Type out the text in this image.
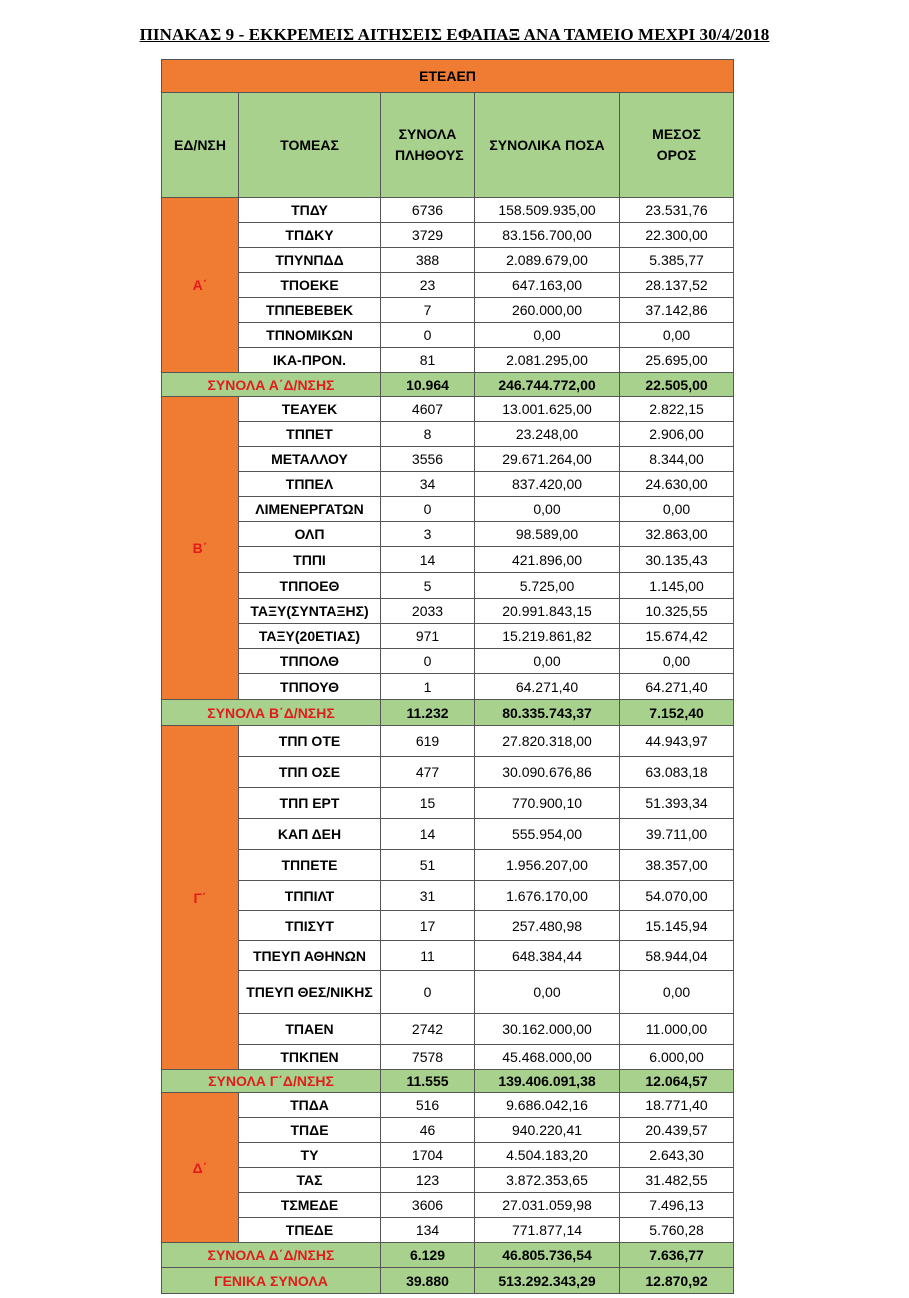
ΠΙΝΑΚΑΣ 9 - ΕΚΚΡΕΜΕΙΣ ΑΙΤΗΣΕΙΣ ΕΦΑΠΑΞ ΑΝΑ ΤΑΜΕΙΟ ΜΕΧΡΙ 30/4/2018
ΕΤΕΑΕΠ				
ΕΔ/ΝΣΗ	ΤΟΜΕΑΣ	ΣΥΝΟΛΑ ΠΛΗΘΟΥΣ	ΣΥΝΟΛΙΚΑ ΠΟΣΑ	ΜΕΣΟΣ ΟΡΟΣ
Α΄	ΤΠΔΥ	6736	158.509.935,00	23.531,76
	ΤΠΔΚΥ	3729	83.156.700,00	22.300,00
	ΤΠΥΝΠΔΔ	388	2.089.679,00	5.385,77
	ΤΠΟΕΚΕ	23	647.163,00	28.137,52
	ΤΠΠΕΒΕΒΕΚ	7	260.000,00	37.142,86
	ΤΠΝΟΜΙΚΩΝ	0	0,00	0,00
	ΙΚΑ-ΠΡΟΝ.	81	2.081.295,00	25.695,00
ΣΥΝΟΛΑ Α΄Δ/ΝΣΗΣ		10.964	246.744.772,00	22.505,00
Β΄	ΤΕΑΥΕΚ	4607	13.001.625,00	2.822,15
	ΤΠΠΕΤ	8	23.248,00	2.906,00
	ΜΕΤΑΛΛΟΥ	3556	29.671.264,00	8.344,00
	ΤΠΠΕΛ	34	837.420,00	24.630,00
	ΛΙΜΕΝΕΡΓΑΤΩΝ	0	0,00	0,00
	ΟΛΠ	3	98.589,00	32.863,00
	ΤΠΠΙ	14	421.896,00	30.135,43
	ΤΠΠΟΕΘ	5	5.725,00	1.145,00
	ΤΑΞΥ(ΣΥΝΤΑΞΗΣ)	2033	20.991.843,15	10.325,55
	ΤΑΞΥ(20ΕΤΙΑΣ)	971	15.219.861,82	15.674,42
	ΤΠΠΟΛΘ	0	0,00	0,00
	ΤΠΠΟΥΘ	1	64.271,40	64.271,40
ΣΥΝΟΛΑ Β΄Δ/ΝΣΗΣ		11.232	80.335.743,37	7.152,40
Γ΄	ΤΠΠ ΟΤΕ	619	27.820.318,00	44.943,97
	ΤΠΠ ΟΣΕ	477	30.090.676,86	63.083,18
	ΤΠΠ ΕΡΤ	15	770.900,10	51.393,34
	ΚΑΠ ΔΕΗ	14	555.954,00	39.711,00
	ΤΠΠΕΤΕ	51	1.956.207,00	38.357,00
	ΤΠΠΙΛΤ	31	1.676.170,00	54.070,00
	ΤΠΙΣΥΤ	17	257.480,98	15.145,94
	ΤΠΕΥΠ ΑΘΗΝΩΝ	11	648.384,44	58.944,04
	ΤΠΕΥΠ ΘΕΣ/ΝΙΚΗΣ	0	0,00	0,00
	ΤΠΑΕΝ	2742	30.162.000,00	11.000,00
	ΤΠΚΠΕΝ	7578	45.468.000,00	6.000,00
ΣΥΝΟΛΑ Γ΄Δ/ΝΣΗΣ		11.555	139.406.091,38	12.064,57
Δ΄	ΤΠΔΑ	516	9.686.042,16	18.771,40
	ΤΠΔΕ	46	940.220,41	20.439,57
	ΤΥ	1704	4.504.183,20	2.643,30
	ΤΑΣ	123	3.872.353,65	31.482,55
	ΤΣΜΕΔΕ	3606	27.031.059,98	7.496,13
	ΤΠΕΔΕ	134	771.877,14	5.760,28
ΣΥΝΟΛΑ Δ΄Δ/ΝΣΗΣ		6.129	46.805.736,54	7.636,77
ΓΕΝΙΚΑ ΣΥΝΟΛΑ		39.880	513.292.343,29	12.870,92
